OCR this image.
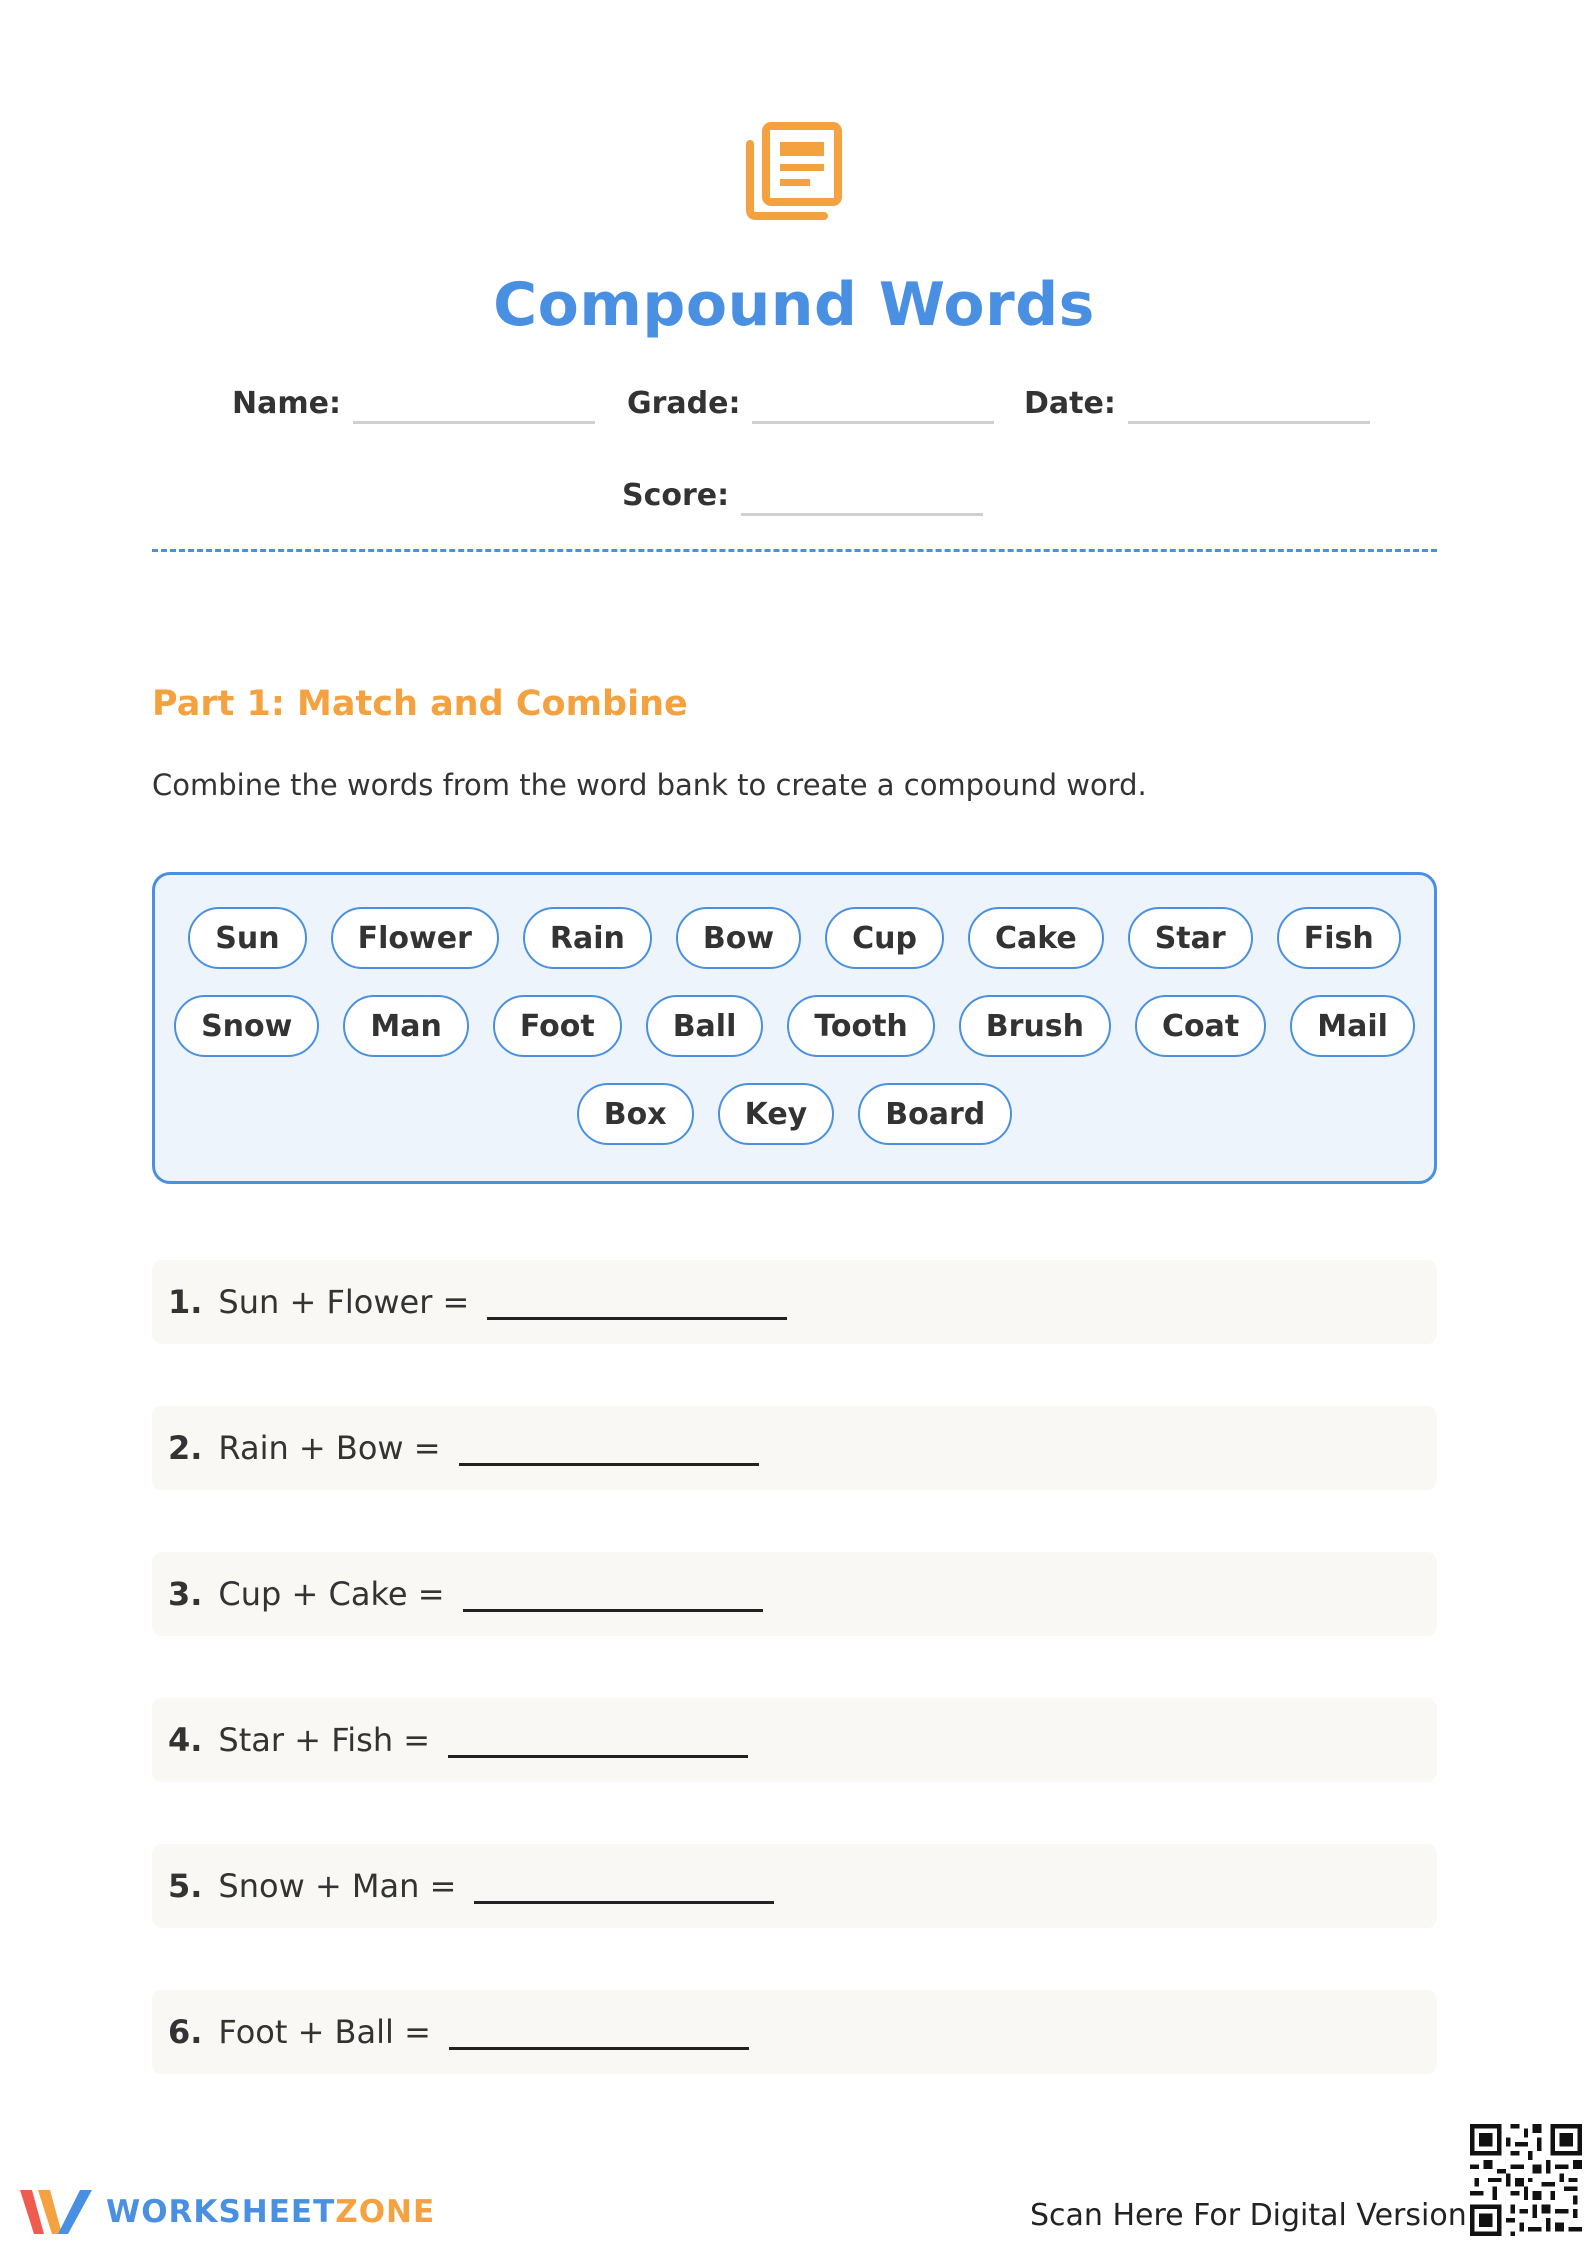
Compound Words
Name:	Grade:	Date:
Score:
Part 1: Match and Combine
Combine the words from the word bank to create a compound word.
Sun	Flower	Rain	Bow	Cup	Cake	Star	Fish
Snow	Man	Foot	Ball	Tooth	Brush	Coat	Mail
Box	Key	Board
1. Sun + Flower =
2. Rain + Bow =
3. Cup + Cake =
4. Star + Fish =
5. Snow + Man =
6. Foot + Ball =
WORKSHEETZONE	Scan Here For Digital Version
